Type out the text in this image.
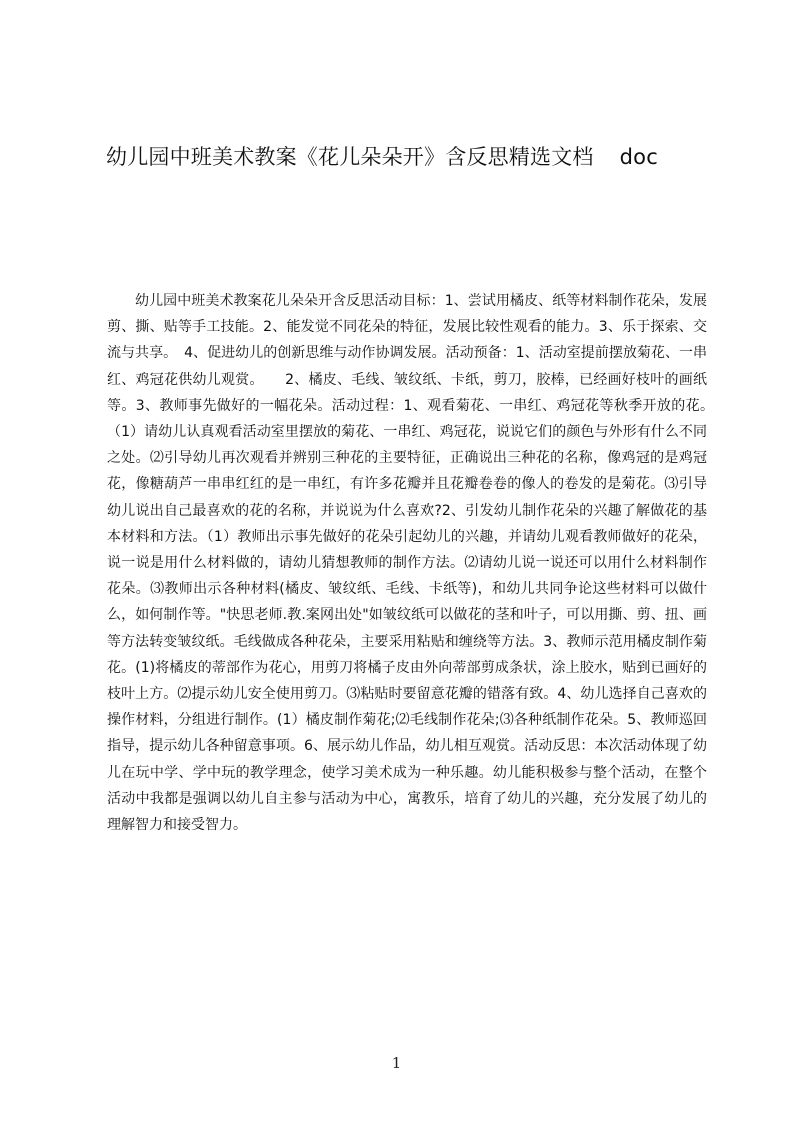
幼儿园中班美术教案《花儿朵朵开》含反思精选文档 doc
幼儿园中班美术教案花儿朵朵开含反思活动目标：1、尝试用橘皮、纸等材料制作花朵，发展剪、撕、贴等手工技能。2、能发觉不同花朵的特征，发展比较性观看的能力。3、乐于探索、交流与共享。　4、促进幼儿的创新思维与动作协调发展。活动预备：1、活动室提前摆放菊花、一串红、鸡冠花供幼儿观赏。　　2、橘皮、毛线、皱纹纸、卡纸，剪刀，胶棒，已经画好枝叶的画纸等。3、教师事先做好的一幅花朵。活动过程：1、观看菊花、一串红、鸡冠花等秋季开放的花。　（1）请幼儿认真观看活动室里摆放的菊花、一串红、鸡冠花，说说它们的颜色与外形有什么不同之处。⑵引导幼儿再次观看并辨别三种花的主要特征，正确说出三种花的名称，像鸡冠的是鸡冠花，像糖葫芦一串串红红的是一串红，有许多花瓣并且花瓣卷卷的像人的卷发的是菊花。⑶引导幼儿说出自己最喜欢的花的名称，并说说为什么喜欢?2、引发幼儿制作花朵的兴趣了解做花的基本材料和方法。（1）教师出示事先做好的花朵引起幼儿的兴趣，并请幼儿观看教师做好的花朵，说一说是用什么材料做的，请幼儿猜想教师的制作方法。⑵请幼儿说一说还可以用什么材料制作花朵。⑶教师出示各种材料(橘皮、皱纹纸、毛线、卡纸等)，和幼儿共同争论这些材料可以做什么，如何制作等。"快思老师.教.案网出处"如皱纹纸可以做花的茎和叶子，可以用撕、剪、扭、画等方法转变皱纹纸。毛线做成各种花朵，主要采用粘贴和缠绕等方法。3、教师示范用橘皮制作菊花。(1)将橘皮的蒂部作为花心，用剪刀将橘子皮由外向蒂部剪成条状，涂上胶水，贴到已画好的枝叶上方。⑵提示幼儿安全使用剪刀。⑶粘贴时要留意花瓣的错落有致。4、幼儿选择自己喜欢的操作材料，分组进行制作。(1）橘皮制作菊花;⑵毛线制作花朵;⑶各种纸制作花朵。5、教师巡回指导，提示幼儿各种留意事项。6、展示幼儿作品，幼儿相互观赏。活动反思：本次活动体现了幼儿在玩中学、学中玩的教学理念，使学习美术成为一种乐趣。幼儿能积极参与整个活动，在整个活动中我都是强调以幼儿自主参与活动为中心，寓教乐，培育了幼儿的兴趣，充分发展了幼儿的理解智力和接受智力。
1
